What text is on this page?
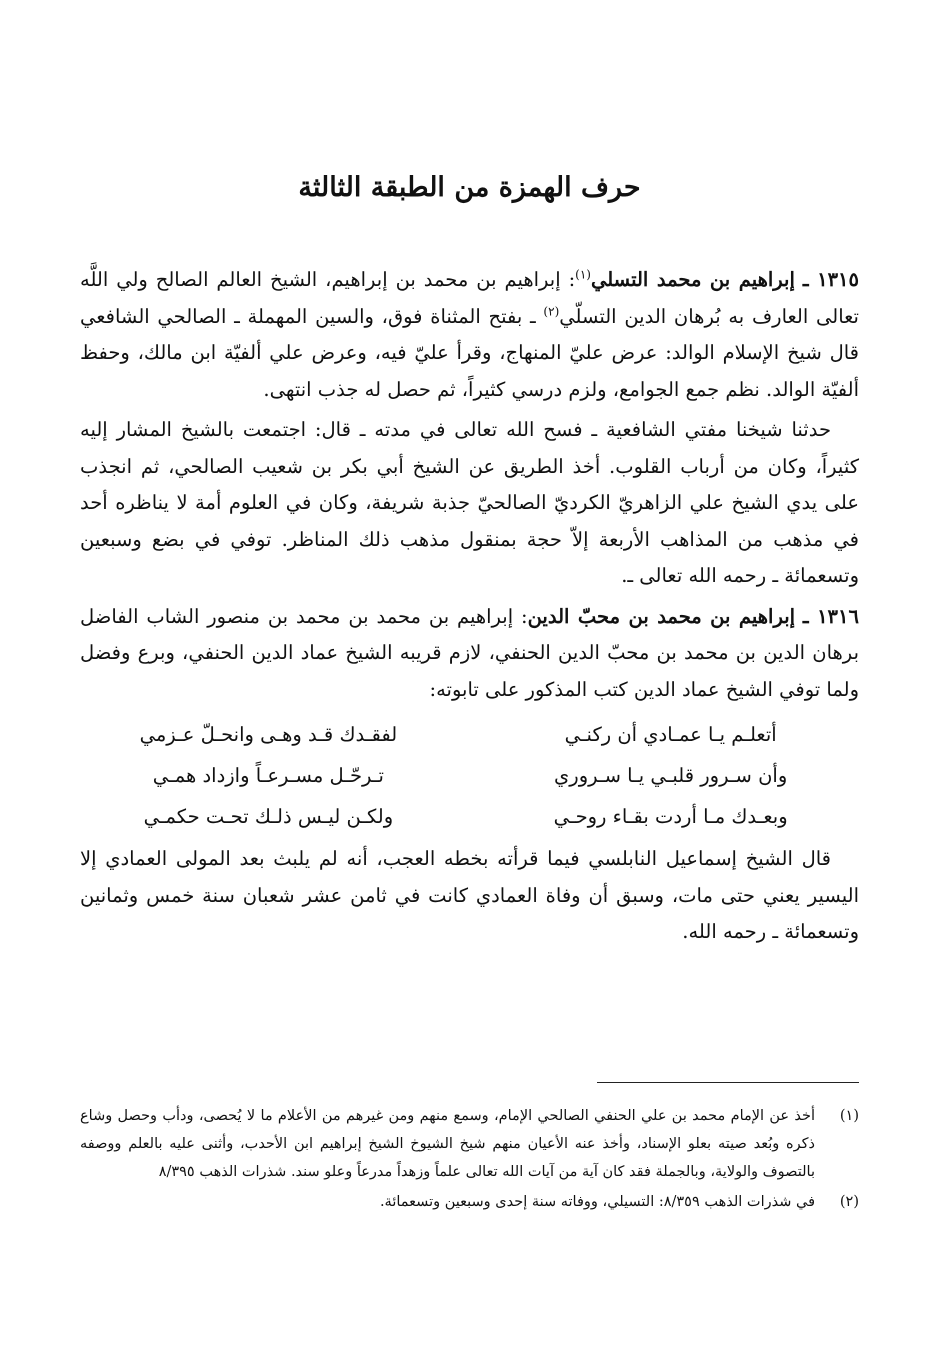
حرف الهمزة من الطبقة الثالثة

١٣١٥ ـ إبراهيم بن محمد التسلي$^{(١)}$: إبراهيم بن محمد بن إبراهيم، الشيخ العالم الصالح ولي اللَّه تعالى العارف به بُرهان الدين التسلّي$^{(٢)}$ ـ بفتح المثناة فوق، والسين المهملة ـ الصالحي الشافعي قال شيخ الإسلام الوالد: عرض عليّ المنهاج، وقرأ عليّ فيه، وعرض علي ألفيّة ابن مالك، وحفظ ألفيّة الوالد. نظم جمع الجوامع، ولزم درسي كثيراً، ثم حصل له جذب انتهى.

حدثنا شيخنا مفتي الشافعية ـ فسح الله تعالى في مدته ـ قال: اجتمعت بالشيخ المشار إليه كثيراً، وكان من أرباب القلوب. أخذ الطريق عن الشيخ أبي بكر بن شعيب الصالحي، ثم انجذب على يدي الشيخ علي الزاهريّ الكرديّ الصالحيّ جذبة شريفة، وكان في العلوم أمة لا يناظره أحد في مذهب من المذاهب الأربعة إلاّ حجة بمنقول مذهب ذلك المناظر. توفي في بضع وسبعين وتسعمائة ـ رحمه الله تعالى ـ.

١٣١٦ ـ إبراهيم بن محمد بن محبّ الدين: إبراهيم بن محمد بن محمد بن منصور الشاب الفاضل برهان الدين بن محمد بن محبّ الدين الحنفي، لازم قريبه الشيخ عماد الدين الحنفي، وبرع وفضل ولما توفي الشيخ عماد الدين كتب المذكور على تابوته:

أتعلـم يـا عمـادي أن ركنـي
لفقـدك قـد وهـى وانحـلّ عـزمي
وأن سـرور قلبـي يـا سـروري
تـرحّـل مسـرعـاً وازداد همـي
وبعـدك مـا أردت بقـاء روحـي
ولكـن ليـس ذلـك تحـت حكمـي

قال الشيخ إسماعيل النابلسي فيما قرأته بخطه العجب، أنه لم يلبث بعد المولى العمادي إلا اليسير يعني حتى مات، وسبق أن وفاة العمادي كانت في ثامن عشر شعبان سنة خمس وثمانين وتسعمائة ـ رحمه الله.

(١)
أخذ عن الإمام محمد بن علي الحنفي الصالحي الإمام، وسمع منهم ومن غيرهم من الأعلام ما لا يُحصى، ودأب وحصل وشاع ذكره وبُعد صيته بعلو الإسناد، وأخذ عنه الأعيان منهم شيخ الشيوخ الشيخ إبراهيم ابن الأحدب، وأثنى عليه بالعلم ووصفه بالتصوف والولاية، وبالجملة فقد كان آية من آيات الله تعالى علماً وزهداً مدرعاً وعلو سند. شذرات الذهب ٨/٣٩٥
(٢)
في شذرات الذهب ٨/٣٥٩: التسيلي، ووفاته سنة إحدى وسبعين وتسعمائة.
